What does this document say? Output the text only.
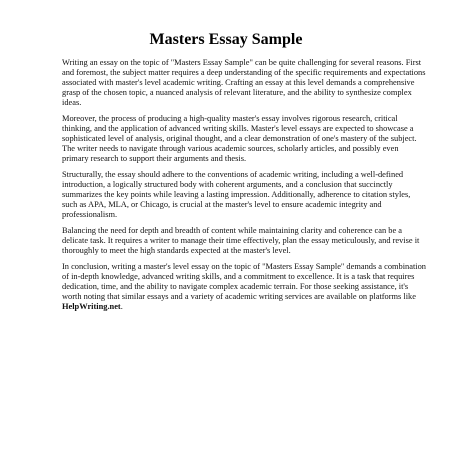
Masters Essay Sample

Writing an essay on the topic of "Masters Essay Sample" can be quite challenging for several reasons. First and foremost, the subject matter requires a deep understanding of the specific requirements and expectations associated with master's level academic writing. Crafting an essay at this level demands a comprehensive grasp of the chosen topic, a nuanced analysis of relevant literature, and the ability to synthesize complex ideas.

Moreover, the process of producing a high-quality master's essay involves rigorous research, critical thinking, and the application of advanced writing skills. Master's level essays are expected to showcase a sophisticated level of analysis, original thought, and a clear demonstration of one's mastery of the subject. The writer needs to navigate through various academic sources, scholarly articles, and possibly even primary research to support their arguments and thesis.

Structurally, the essay should adhere to the conventions of academic writing, including a well-defined introduction, a logically structured body with coherent arguments, and a conclusion that succinctly summarizes the key points while leaving a lasting impression. Additionally, adherence to citation styles, such as APA, MLA, or Chicago, is crucial at the master's level to ensure academic integrity and professionalism.

Balancing the need for depth and breadth of content while maintaining clarity and coherence can be a delicate task. It requires a writer to manage their time effectively, plan the essay meticulously, and revise it thoroughly to meet the high standards expected at the master's level.

In conclusion, writing a master's level essay on the topic of "Masters Essay Sample" demands a combination of in-depth knowledge, advanced writing skills, and a commitment to excellence. It is a task that requires dedication, time, and the ability to navigate complex academic terrain. For those seeking assistance, it's worth noting that similar essays and a variety of academic writing services are available on platforms like HelpWriting.net.
